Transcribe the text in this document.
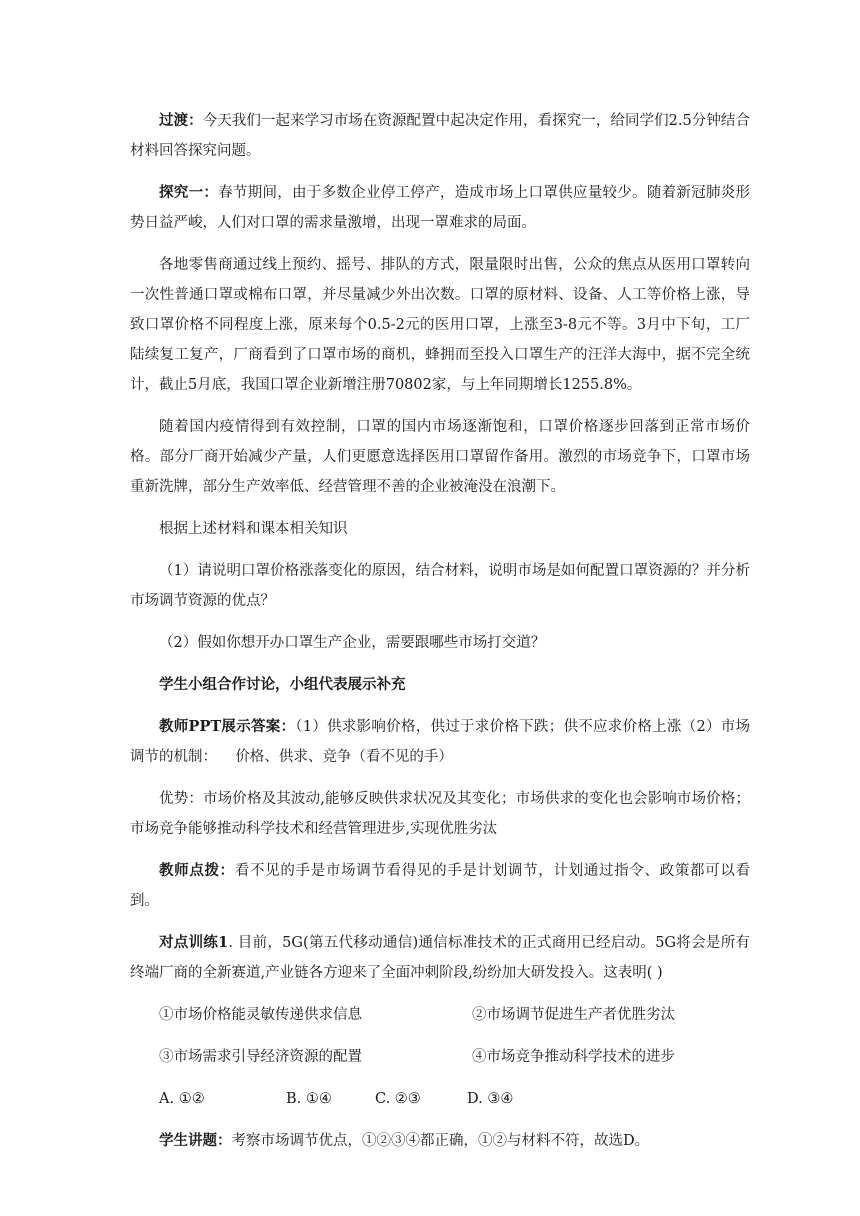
过渡：今天我们一起来学习市场在资源配置中起决定作用，看探究一，给同学们2.5分钟结合材料回答探究问题。

探究一：春节期间，由于多数企业停工停产，造成市场上口罩供应量较少。随着新冠肺炎形势日益严峻，人们对口罩的需求量激增，出现一罩难求的局面。

各地零售商通过线上预约、摇号、排队的方式，限量限时出售，公众的焦点从医用口罩转向一次性普通口罩或棉布口罩，并尽量减少外出次数。口罩的原材料、设备、人工等价格上涨，导致口罩价格不同程度上涨，原来每个0.5-2元的医用口罩，上涨至3-8元不等。3月中下旬，工厂陆续复工复产，厂商看到了口罩市场的商机，蜂拥而至投入口罩生产的汪洋大海中，据不完全统计，截止5月底，我国口罩企业新增注册70802家，与上年同期增长1255.8%。

随着国内疫情得到有效控制，口罩的国内市场逐渐饱和，口罩价格逐步回落到正常市场价格。部分厂商开始减少产量，人们更愿意选择医用口罩留作备用。激烈的市场竞争下，口罩市场重新洗牌，部分生产效率低、经营管理不善的企业被淹没在浪潮下。

根据上述材料和课本相关知识

（1）请说明口罩价格涨落变化的原因，结合材料，说明市场是如何配置口罩资源的？并分析市场调节资源的优点？

（2）假如你想开办口罩生产企业，需要跟哪些市场打交道？

学生小组合作讨论，小组代表展示补充

教师PPT展示答案：（1）供求影响价格，供过于求价格下跌；供不应求价格上涨（2）市场调节的机制：    价格、供求、竞争（看不见的手）

优势：市场价格及其波动,能够反映供求状况及其变化；市场供求的变化也会影响市场价格；市场竞争能够推动科学技术和经营管理进步,实现优胜劣汰

教师点拨：看不见的手是市场调节看得见的手是计划调节，计划通过指令、政策都可以看到。

对点训练1. 目前，5G(第五代移动通信)通信标准技术的正式商用已经启动。5G将会是所有终端厂商的全新赛道,产业链各方迎来了全面冲刺阶段,纷纷加大研发投入。这表明( )

①市场价格能灵敏传递供求信息	②市场调节促进生产者优胜劣汰
③市场需求引导经济资源的配置	④市场竞争推动科学技术的进步
A. ①②	B. ①④	C. ②③	D. ③④

学生讲题：考察市场调节优点，①②③④都正确，①②与材料不符，故选D。
